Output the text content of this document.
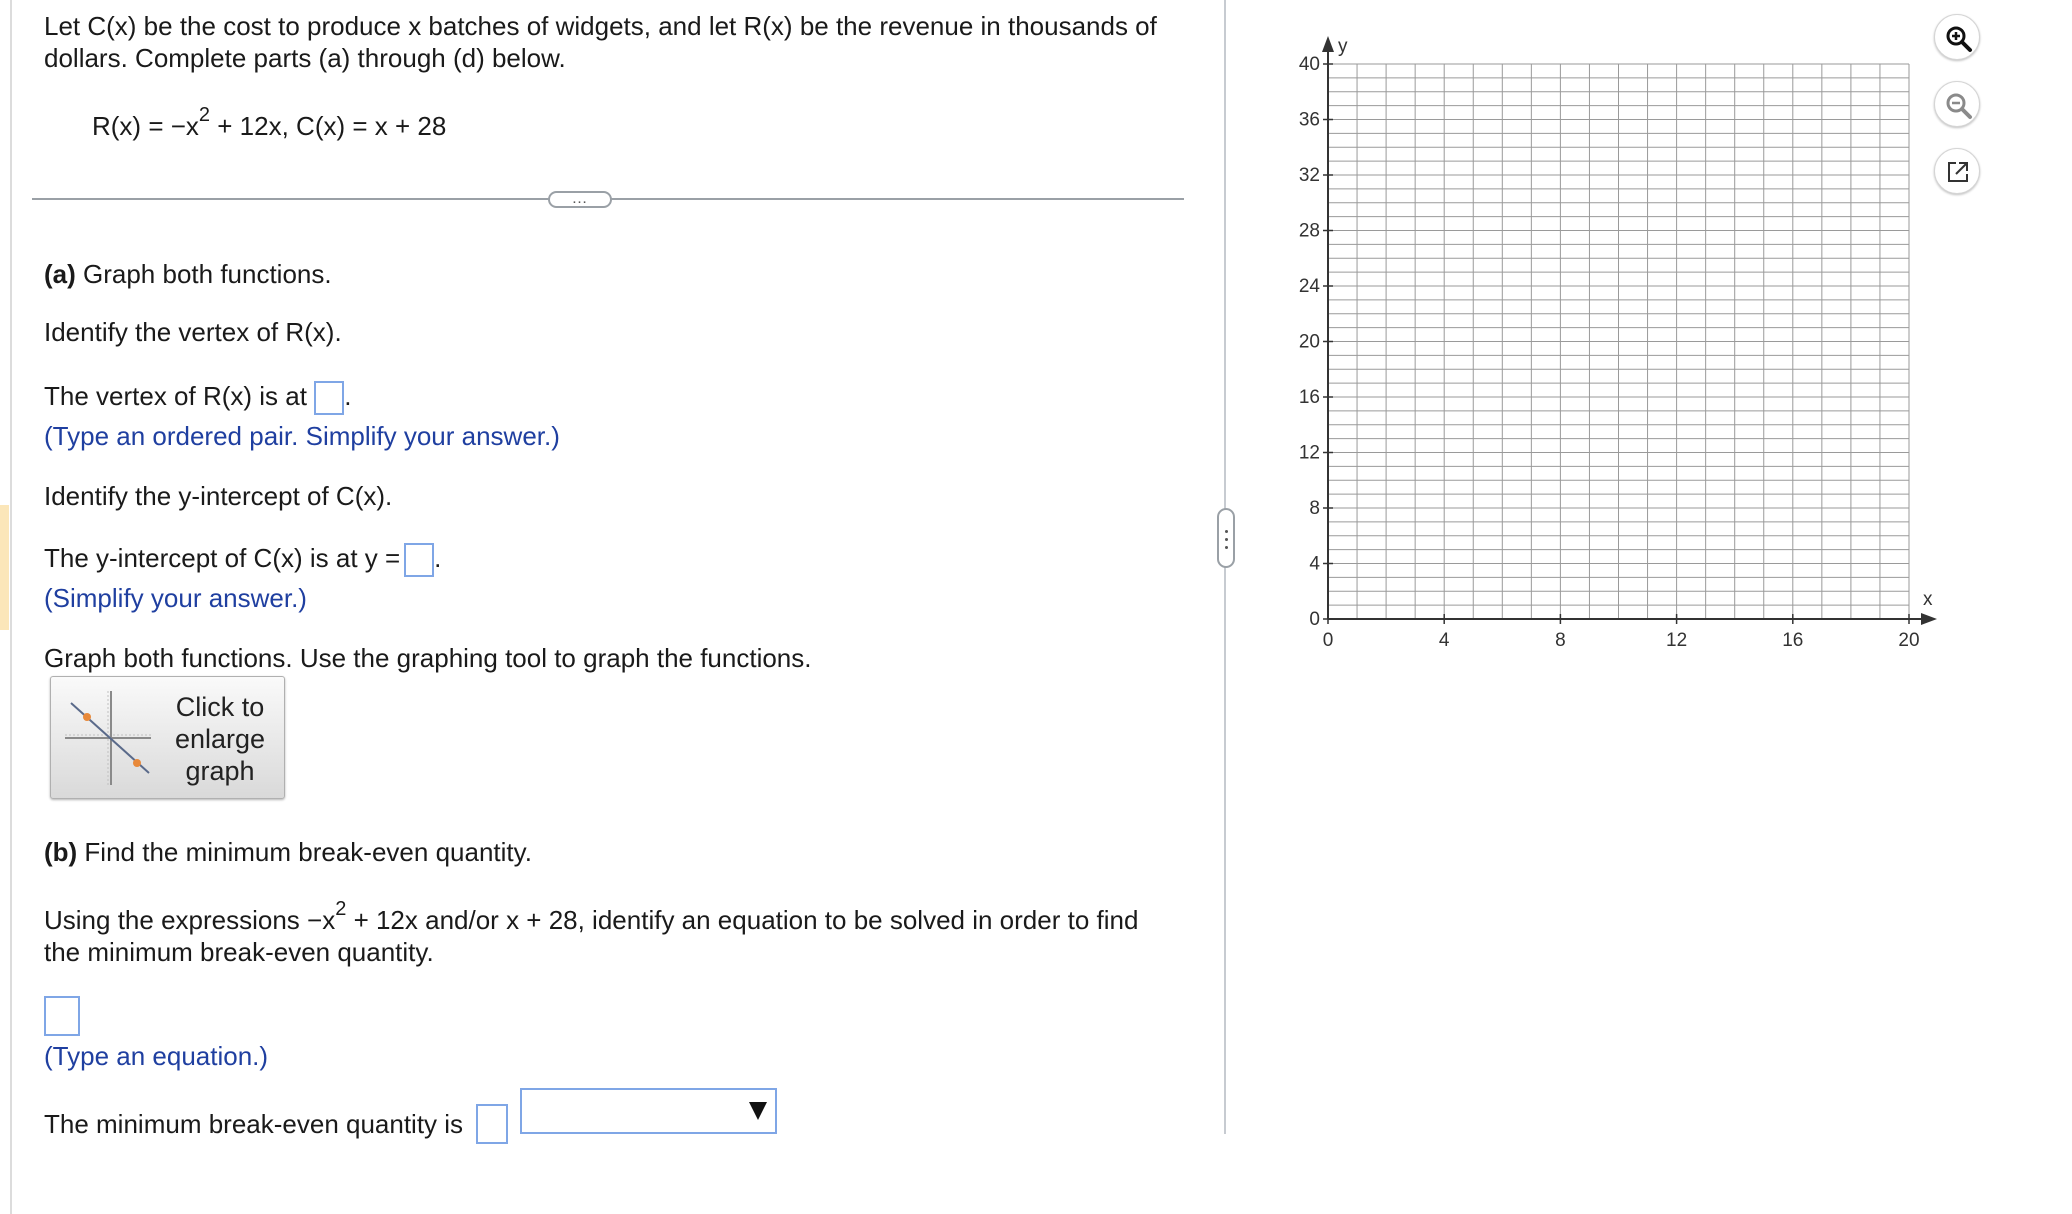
Let C(x) be the cost to produce x batches of widgets, and let R(x) be the revenue in thousands of
dollars. Complete parts (a) through (d) below.
$R(x) = -x^2 + 12x$, C(x) = x + 28
…
(a) Graph both functions.
Identify the vertex of R(x).
The vertex of R(x) is at .
(Type an ordered pair. Simplify your answer.)
Identify the y-intercept of C(x).
The y-intercept of C(x) is at y = .
(Simplify your answer.)
Graph both functions. Use the graphing tool to graph the functions.
Click to enlarge graph
(b) Find the minimum break-even quantity.
Using the expressions $-x^2 + 12x$ and/or x + 28, identify an equation to be solved in order to find
the minimum break-even quantity.
(Type an equation.)
The minimum break-even quantity is
0	4	8	12	16	20
0
4
8
12
16
20
24
28
32
36
40
x
y
